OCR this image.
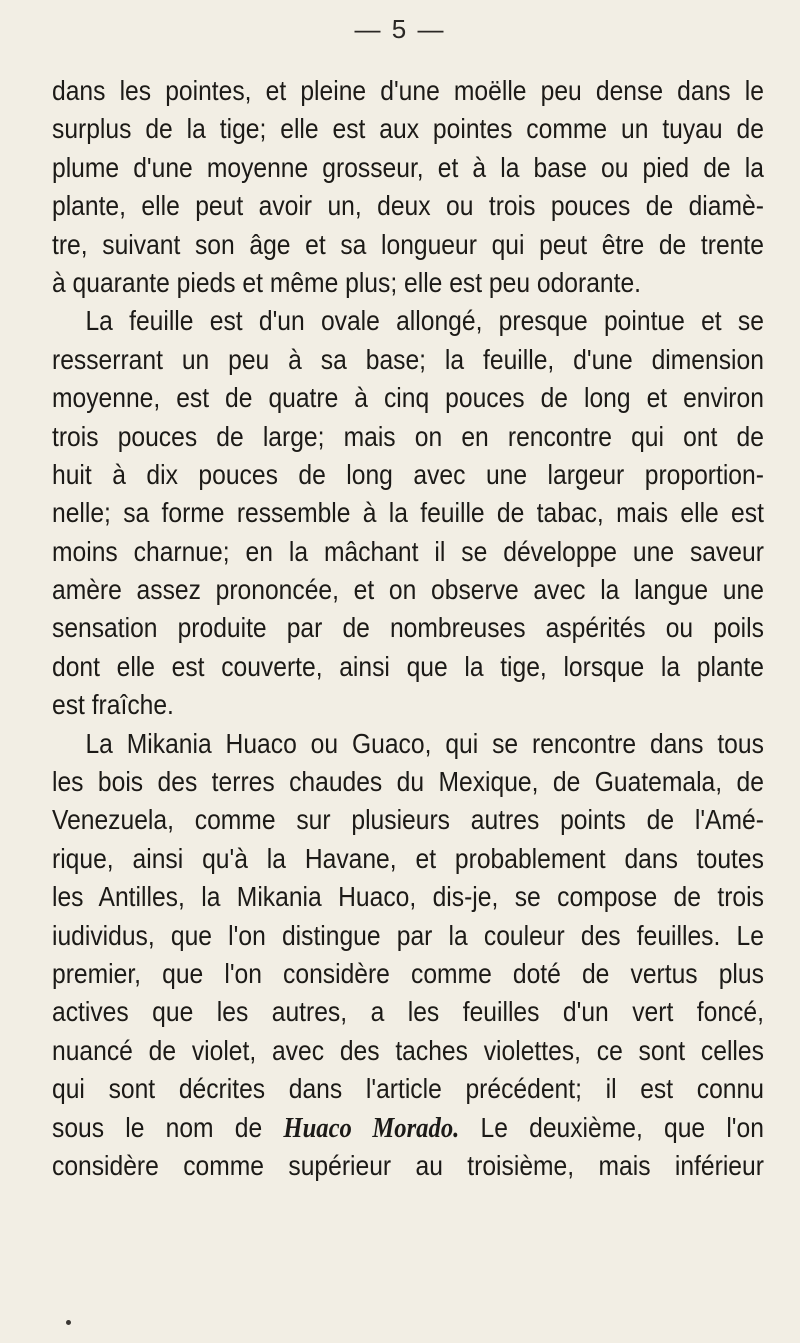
— 5 —
dans les pointes, et pleine d'une moëlle peu dense dans le
surplus de la tige; elle est aux pointes comme un tuyau de
plume d'une moyenne grosseur, et à la base ou pied de la
plante, elle peut avoir un, deux ou trois pouces de diamè-
tre, suivant son âge et sa longueur qui peut être de trente
à quarante pieds et même plus; elle est peu odorante.
La feuille est d'un ovale allongé, presque pointue et se
resserrant un peu à sa base; la feuille, d'une dimension
moyenne, est de quatre à cinq pouces de long et environ
trois pouces de large; mais on en rencontre qui ont de
huit à dix pouces de long avec une largeur proportion-
nelle; sa forme ressemble à la feuille de tabac, mais elle est
moins charnue; en la mâchant il se développe une saveur
amère assez prononcée, et on observe avec la langue une
sensation produite par de nombreuses aspérités ou poils
dont elle est couverte, ainsi que la tige, lorsque la plante
est fraîche.
La Mikania Huaco ou Guaco, qui se rencontre dans tous
les bois des terres chaudes du Mexique, de Guatemala, de
Venezuela, comme sur plusieurs autres points de l'Amé-
rique, ainsi qu'à la Havane, et probablement dans toutes
les Antilles, la Mikania Huaco, dis-je, se compose de trois
iudividus, que l'on distingue par la couleur des feuilles. Le
premier, que l'on considère comme doté de vertus plus
actives que les autres, a les feuilles d'un vert foncé,
nuancé de violet, avec des taches violettes, ce sont celles
qui sont décrites dans l'article précédent; il est connu
sous le nom de Huaco Morado. Le deuxième, que l'on
considère comme supérieur au troisième, mais inférieur
